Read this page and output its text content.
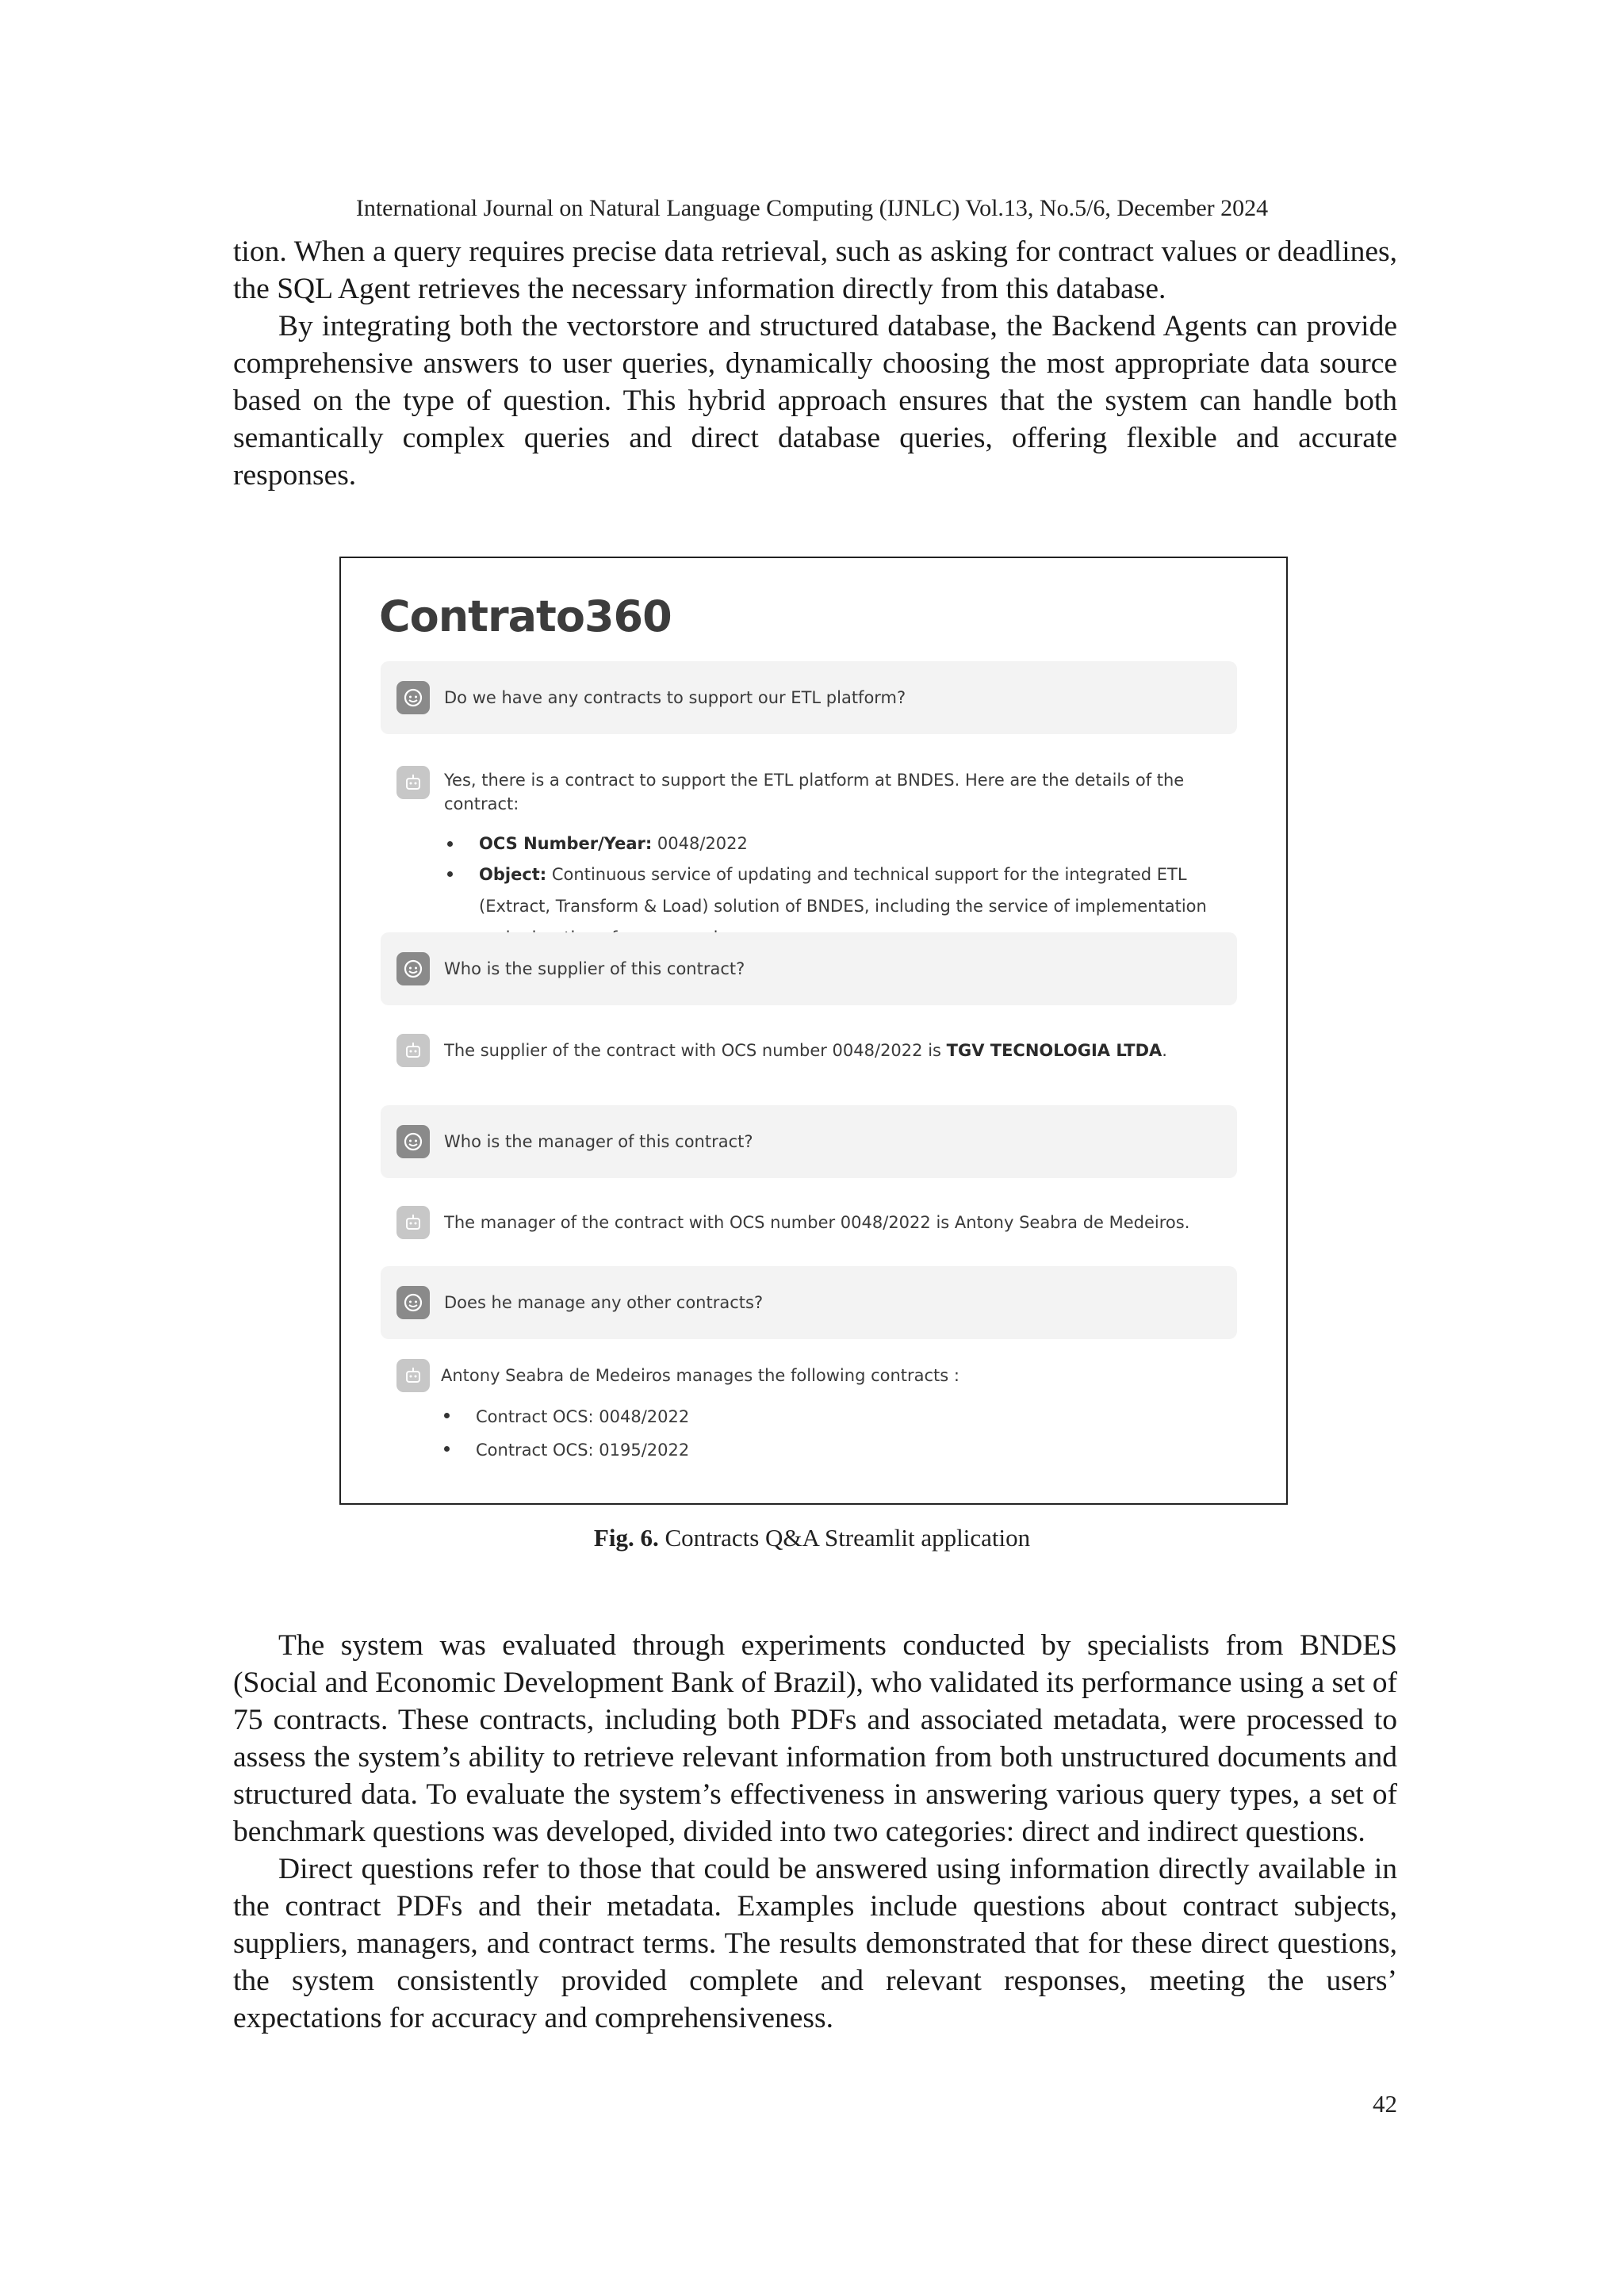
International Journal on Natural Language Computing (IJNLC) Vol.13, No.5/6, December 2024

tion. When a query requires precise data retrieval, such as asking for contract values or deadlines, the SQL Agent retrieves the necessary information directly from this database.

By integrating both the vectorstore and structured database, the Backend Agents can provide comprehensive answers to user queries, dynamically choosing the most appropriate data source based on the type of question. This hybrid approach ensures that the system can handle both semantically complex queries and direct database queries, offering flexible and accurate responses.

Contrato360
Do we have any contracts to support our ETL platform?
Yes, there is a contract to support the ETL platform at BNDES. Here are the details of the contract:
OCS Number/Year: 0048/2022
Object: Continuous service of updating and technical support for the integrated ETL (Extract, Transform & Load) solution of BNDES, including the service of implementation
Who is the supplier of this contract?
The supplier of the contract with OCS number 0048/2022 is TGV TECNOLOGIA LTDA.
Who is the manager of this contract?
The manager of the contract with OCS number 0048/2022 is Antony Seabra de Medeiros.
Does he manage any other contracts?
Antony Seabra de Medeiros manages the following contracts :
Contract OCS: 0048/2022
Contract OCS: 0195/2022
Fig. 6. Contracts Q&A Streamlit application

The system was evaluated through experiments conducted by specialists from BNDES (Social and Economic Development Bank of Brazil), who validated its performance using a set of 75 contracts. These contracts, including both PDFs and associated metadata, were processed to assess the system’s ability to retrieve relevant information from both unstructured documents and structured data. To evaluate the system’s effectiveness in answering various query types, a set of benchmark questions was developed, divided into two categories: direct and indirect questions.

Direct questions refer to those that could be answered using information directly available in the contract PDFs and their metadata. Examples include questions about contract subjects, suppliers, managers, and contract terms. The results demonstrated that for these direct questions, the system consistently provided complete and relevant responses, meeting the users’ expectations for accuracy and comprehensiveness.

42
